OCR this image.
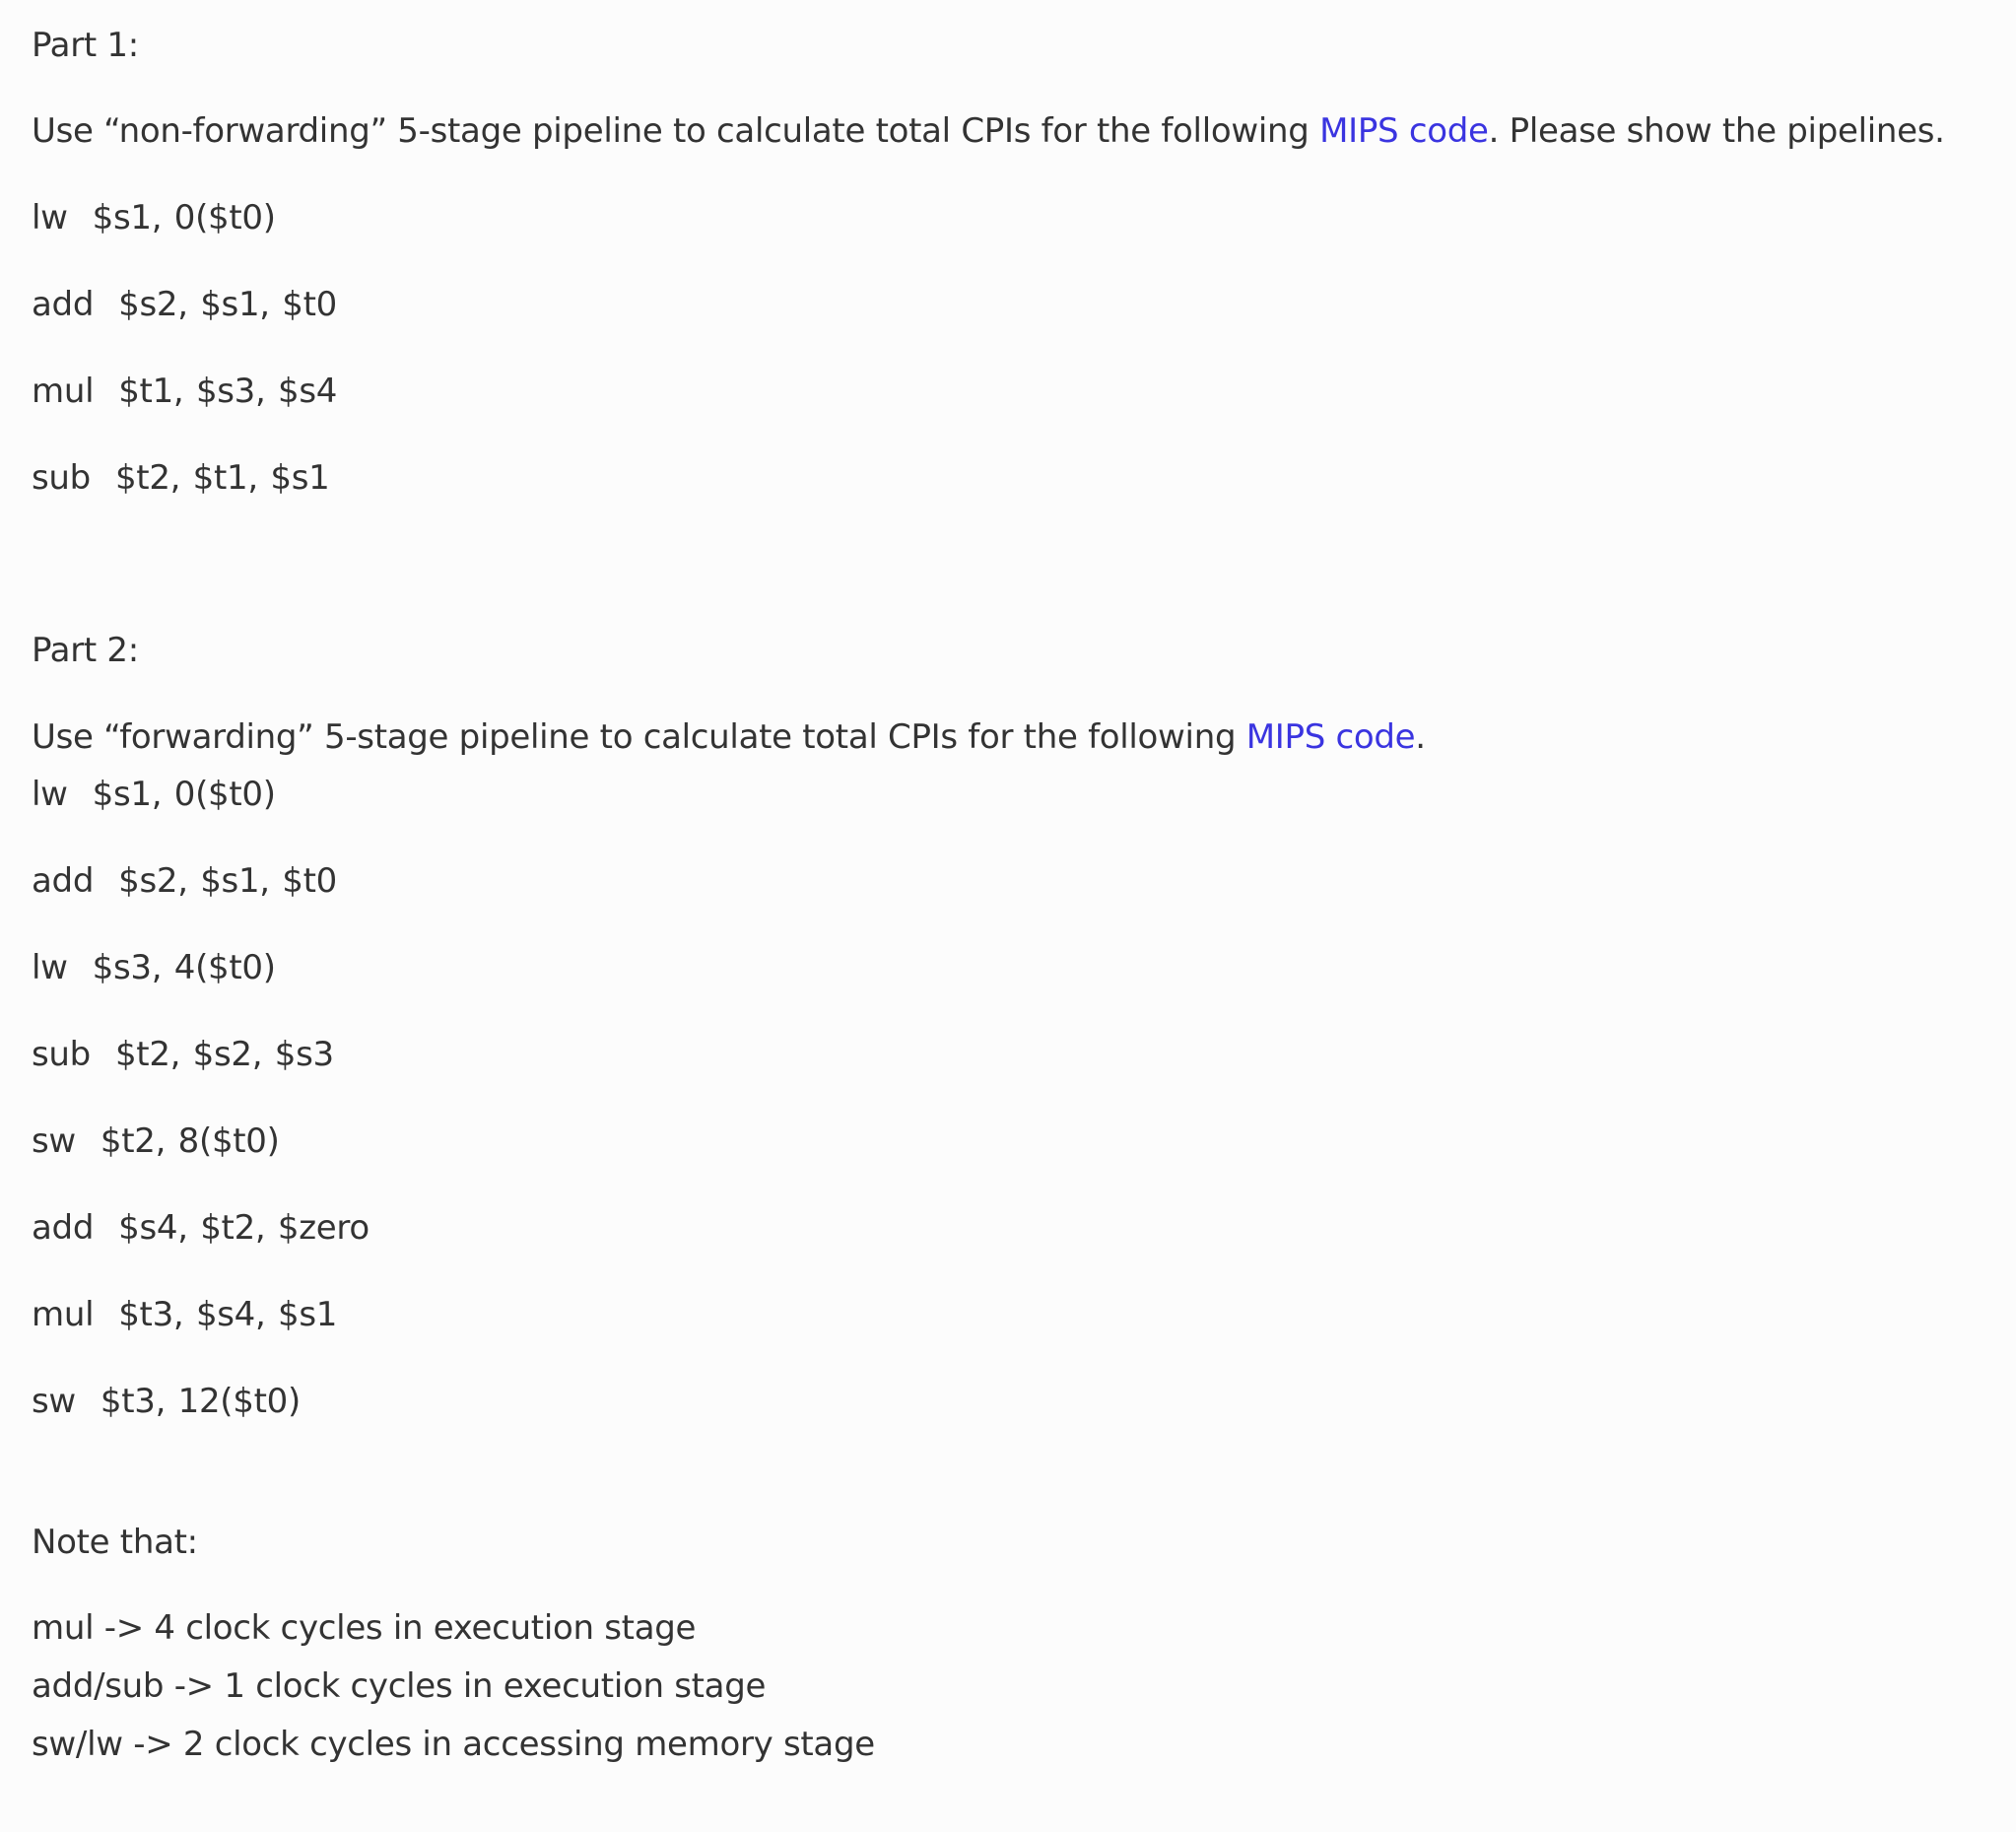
Part 1:
Use “non-forwarding” 5-stage pipeline to calculate total CPIs for the following MIPS code. Please show the pipelines.
lw  $s1, 0($t0)
add  $s2, $s1, $t0
mul  $t1, $s3, $s4
sub  $t2, $t1, $s1
Part 2:
Use “forwarding” 5-stage pipeline to calculate total CPIs for the following MIPS code.
lw  $s1, 0($t0)
add  $s2, $s1, $t0
lw  $s3, 4($t0)
sub  $t2, $s2, $s3
sw  $t2, 8($t0)
add  $s4, $t2, $zero
mul  $t3, $s4, $s1
sw  $t3, 12($t0)
Note that:
mul -> 4 clock cycles in execution stage
add/sub -> 1 clock cycles in execution stage
sw/lw -> 2 clock cycles in accessing memory stage
